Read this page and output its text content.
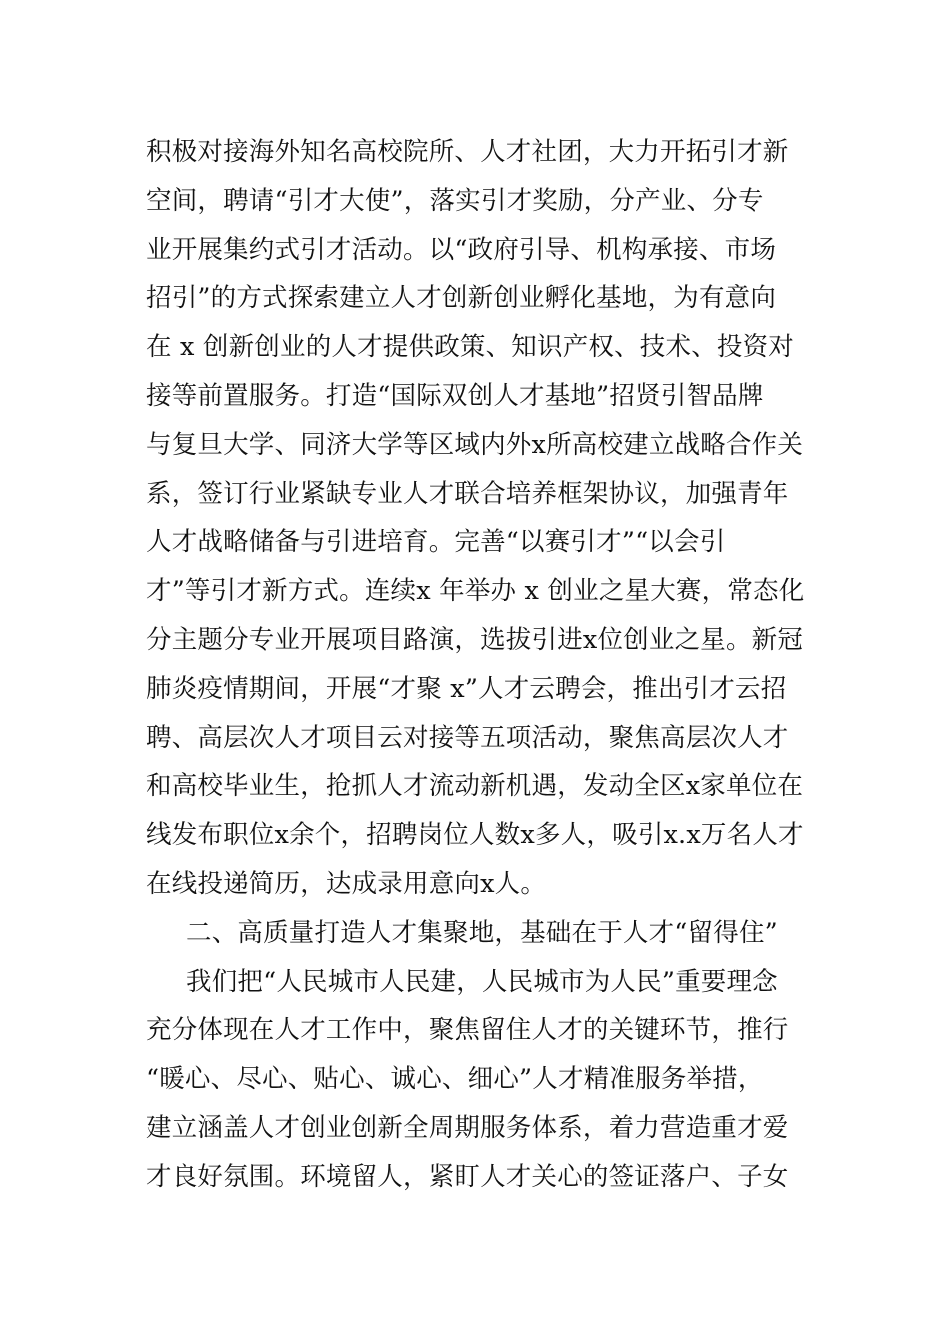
积极对接海外知名高校院所、人才社团，大力开拓引才新
空间，聘请“引才大使”，落实引才奖励，分产业、分专
业开展集约式引才活动。以“政府引导、机构承接、市场
招引”的方式探索建立人才创新创业孵化基地，为有意向
在 x 创新创业的人才提供政策、知识产权、技术、投资对
接等前置服务。打造“国际双创人才基地”招贤引智品牌
与复旦大学、同济大学等区域内外x所高校建立战略合作关
系，签订行业紧缺专业人才联合培养框架协议，加强青年
人才战略储备与引进培育。完善“以赛引才”“以会引
才”等引才新方式。连续x 年举办 x 创业之星大赛，常态化
分主题分专业开展项目路演，选拔引进x位创业之星。新冠
肺炎疫情期间，开展“才聚 x”人才云聘会，推出引才云招
聘、高层次人才项目云对接等五项活动，聚焦高层次人才
和高校毕业生，抢抓人才流动新机遇，发动全区x家单位在
线发布职位x余个，招聘岗位人数x多人，吸引x.x万名人才
在线投递简历，达成录用意向x人。
二、高质量打造人才集聚地，基础在于人才“留得住”
我们把“人民城市人民建，人民城市为人民”重要理念
充分体现在人才工作中，聚焦留住人才的关键环节，推行
“暖心、尽心、贴心、诚心、细心”人才精准服务举措，
建立涵盖人才创业创新全周期服务体系，着力营造重才爱
才良好氛围。环境留人，紧盯人才关心的签证落户、子女
